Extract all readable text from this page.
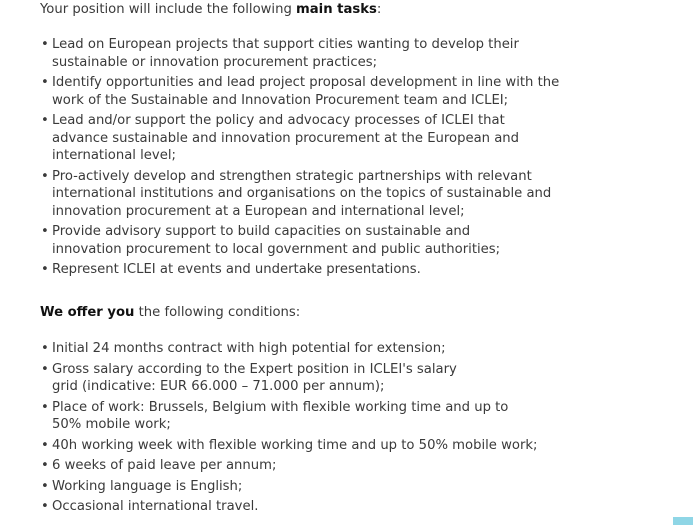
Your position will include the following main tasks:
• Lead on European projects that support cities wanting to develop their sustainable or innovation procurement practices;
• Identify opportunities and lead project proposal development in line with the work of the Sustainable and Innovation Procurement team and ICLEI;
• Lead and/or support the policy and advocacy processes of ICLEI that advance sustainable and innovation procurement at the European and international level;
• Pro-actively develop and strengthen strategic partnerships with relevant international institutions and organisations on the topics of sustainable and innovation procurement at a European and international level;
• Provide advisory support to build capacities on sustainable and innovation procurement to local government and public authorities;
• Represent ICLEI at events and undertake presentations.
We offer you the following conditions:
• Initial 24 months contract with high potential for extension;
• Gross salary according to the Expert position in ICLEI's salary grid (indicative: EUR 66.000 – 71.000 per annum);
• Place of work: Brussels, Belgium with flexible working time and up to 50% mobile work;
• 40h working week with flexible working time and up to 50% mobile work;
• 6 weeks of paid leave per annum;
• Working language is English;
• Occasional international travel.
